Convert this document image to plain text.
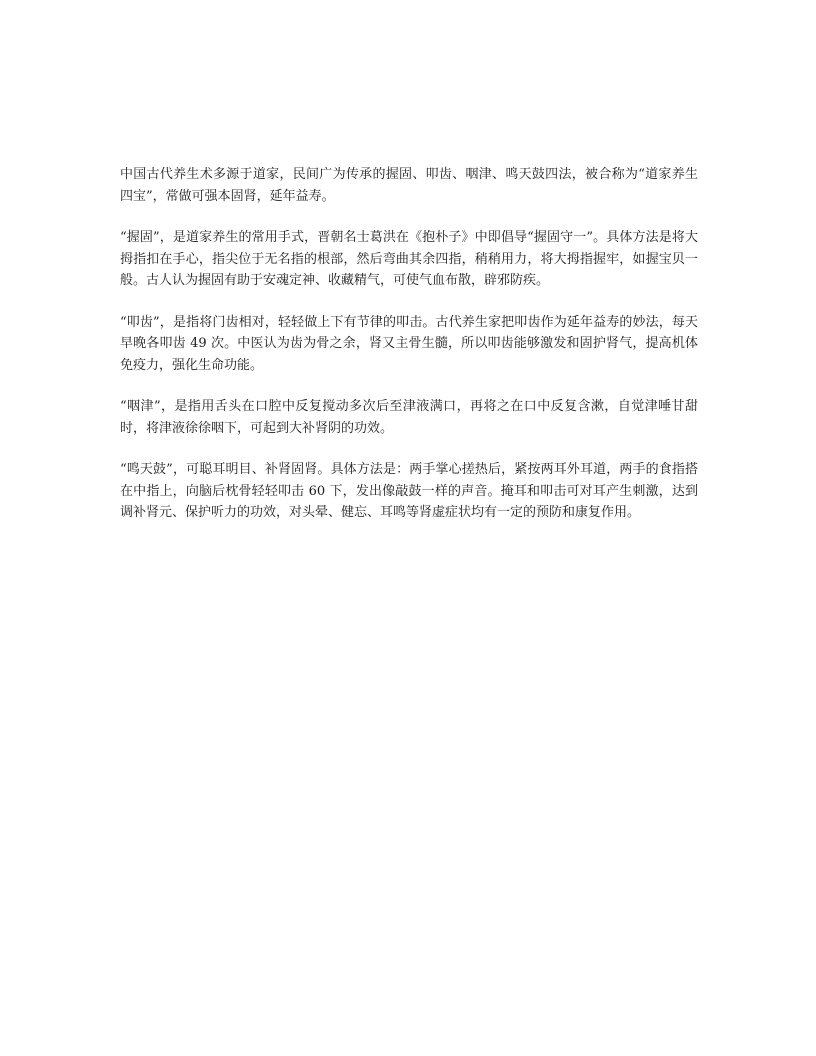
中国古代养生术多源于道家，民间广为传承的握固、叩齿、咽津、鸣天鼓四法，被合称为“道家养生四宝”，常做可强本固肾，延年益寿。

“握固”，是道家养生的常用手式，晋朝名士葛洪在《抱朴子》中即倡导“握固守一”。具体方法是将大拇指扣在手心，指尖位于无名指的根部，然后弯曲其余四指，稍稍用力，将大拇指握牢，如握宝贝一般。古人认为握固有助于安魂定神、收藏精气，可使气血布散，辟邪防疾。

“叩齿”，是指将门齿相对，轻轻做上下有节律的叩击。古代养生家把叩齿作为延年益寿的妙法，每天早晚各叩齿 49 次。中医认为齿为骨之余，肾又主骨生髓，所以叩齿能够激发和固护肾气，提高机体免疫力，强化生命功能。

“咽津”，是指用舌头在口腔中反复搅动多次后至津液满口，再将之在口中反复含漱，自觉津唾甘甜时，将津液徐徐咽下，可起到大补肾阴的功效。

“鸣天鼓”，可聪耳明目、补肾固肾。具体方法是：两手掌心搓热后，紧按两耳外耳道，两手的食指搭在中指上，向脑后枕骨轻轻叩击 60 下，发出像敲鼓一样的声音。掩耳和叩击可对耳产生刺激，达到调补肾元、保护听力的功效，对头晕、健忘、耳鸣等肾虚症状均有一定的预防和康复作用。
